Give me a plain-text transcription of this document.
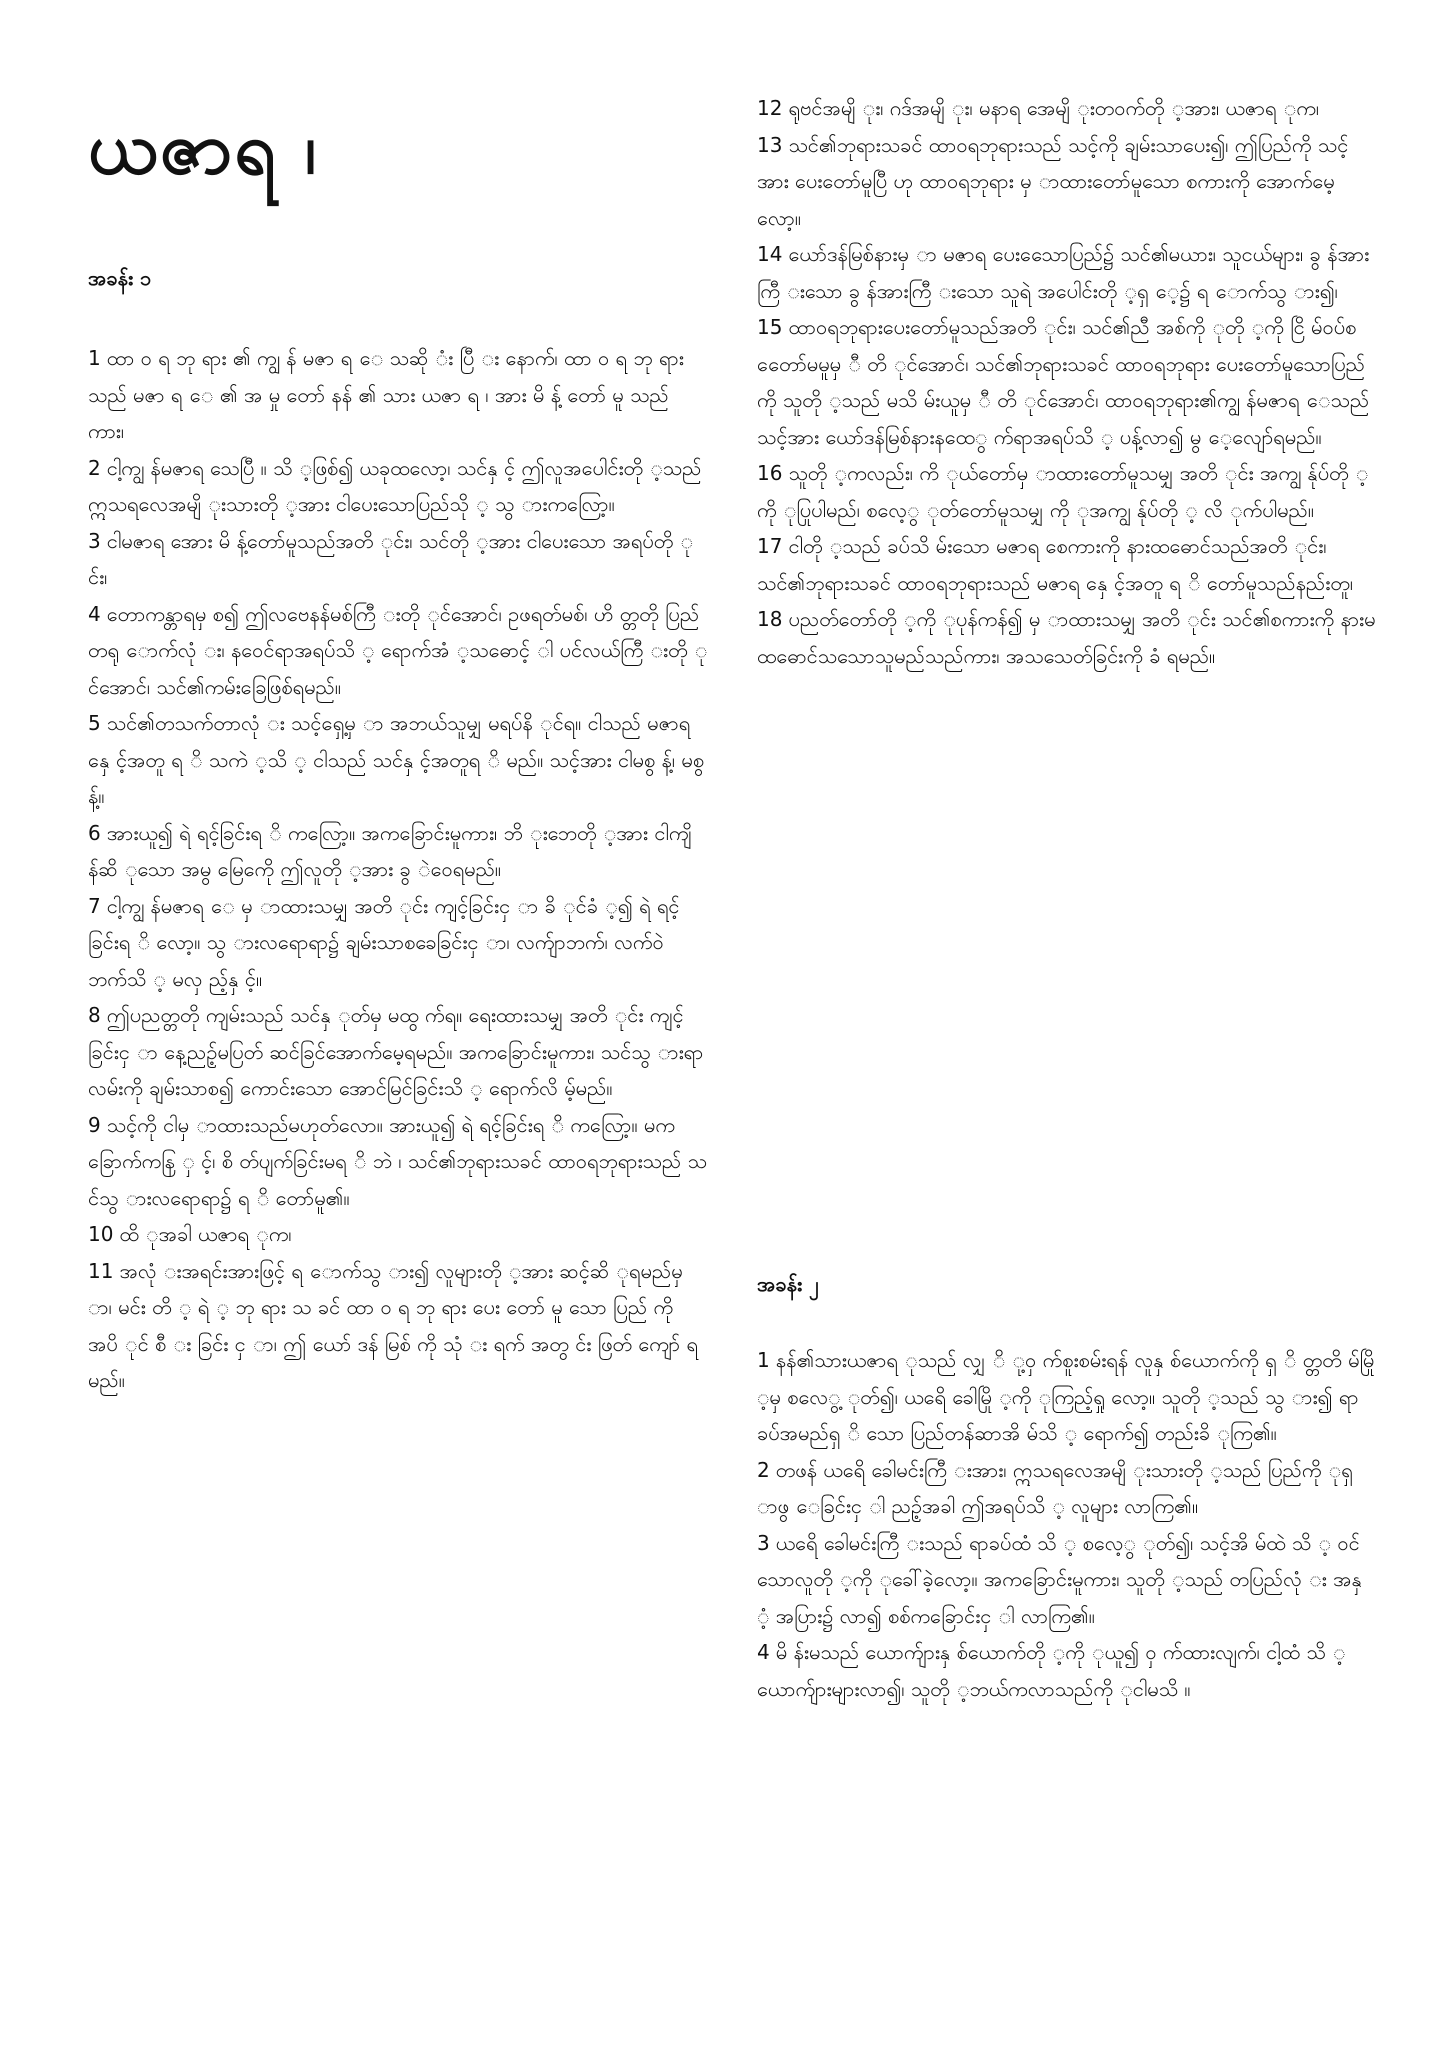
ယဇာရ ၊
အခန်း ၁

1 ထာ ဝ ရ ဘု ရား ၏ ကျွ န် မဇာ ရ ေ သဆို ံး ပြီ း နောက်၊ ထာ ဝ ရ ဘု ရား သည် မဇာ ရ ေ ၏ အ မှု တော် နန် ၏ သား ယဇာ ရ ၊ အား မိ န့် တော် မူ သည် ကား၊

2 ငါ့ကျွ န်မဇာရ သေပြီ ။ သိ ့ဖြစ်၍ ယခုထလော့၊ သင်နှ င့် ဤလူအပေါင်းတို ့သည် ဣသရလေအမျိ ုးသားတို ့အား ငါပေးသောပြည်သို ့ သွ ားကလြော့။

3 ငါမဇာရ အေား မိ န့်တော်မူသည်အတိ ုင်း၊ သင်တို ့အား ငါပေးသော အရပ်တို ုင်း၊

4 တောကန္တာရမှ စ၍ ဤလဗေနန်မစ်ကြီ းတို ုင်အောင်၊ ဥဖရတ်မစ်၊ ဟိ တ္တတို ပြည်တရု ောက်လုံ း၊ နဝေင်ရာအရပ်သိ ့ ရောက်အံ ့သဓောင့် ါ ပင်လယ်ကြီ းတို ုင်အောင်၊ သင်၏ကမ်းခြေဖြစ်ရမည်။

5 သင်၏တသက်တာလုံ း သင့်ရှေ့မှ ာ အဘယ်သူမျှ မရပ်နိ ုင်ရ။ ငါသည် မဇာရ နှေ င့်အတူ ရ ိ သကဲ ့သိ ့ ငါသည် သင်နှ င့်အတူရ ိ မည်။ သင့်အား ငါမစွ န့်၊ မစွ န့်။

6 အားယူ၍ ရဲ ရင့်ခြင်းရ ိ ကလြော့။ အကခြောင်းမူကား၊ ဘိ ုးဘေတို ့အား ငါကျိ န်ဆိ ုသော အမွ မြေကေို ဤလူတို ့အား ခွ ဲဝေရမည်။

7 ငါ့ကျွ န်မဇာရ ေ မှ ာထားသမျှ အတိ ုင်း ကျင့်ခြင်းငှ ာ ခိ ုင်ခံ ့၍ ရဲ ရင့်ခြင်းရ ိ လော့။ သွ ားလရောရာ၌ ချမ်းသာစခေခြင်းငှ ာ၊ လက်ျာဘက်၊ လက်ဝဲ ဘက်သိ ့ မလှ ည့်နှ င့်။

8 ဤပညတ္တတို ကျမ်းသည် သင်နှ ုတ်မှ မထွ က်ရ။ ရေးထားသမျှ အတိ ုင်း ကျင့်ခြင်းငှ ာ နေ့ညဉ့်မပြတ် ဆင်ခြင်အောက်မေ့ရမည်။ အကခြောင်းမူကား၊ သင်သွ ားရာလမ်းကို ချမ်းသာစ၍ ကောင်းသော အောင်မြင်ခြင်းသိ ့ ရောက်လိ မ့်မည်။

9 သင့်ကို ငါမှ ာထားသည်မဟုတ်လော။ အားယူ၍ ရဲ ရင့်ခြင်းရ ိ ကလြော့။ မကခြောက်ကနြ ှ င့်၊ စိ တ်ပျက်ခြင်းမရ ိ ဘဲ ၊ သင်၏ဘုရားသခင် ထာဝရဘုရားသည် သင်သွ ားလရောရာ၌ ရ ိ တော်မူ၏။

10 ထိ ုအခါ ယဇာရ ုက၊

11 အလုံ းအရင်းအားဖြင့် ရ ောက်သွ ား၍ လူများတို ့အား ဆင့်ဆိ ုရမည်မှ ာ၊ မင်း တိ ့ ရဲ ့ ဘု ရား သ ခင် ထာ ဝ ရ ဘု ရား ပေး တော် မူ သော ပြည် ကို အပိ ုင် စီ း ခြင်း ငှ ာ၊ ဤ ယော် ဒန် မြစ် ကို သုံ း ရက် အတွ င်း ဖြတ် ကျော် ရ မည်။

12 ရုဗင်အမျိ ုး၊ ဂဒ်အမျိ ုး၊ မနာရ အေမျိ ုးတဝက်တို ့အား၊ ယဇာရ ုက၊

13 သင်၏ဘုရားသခင် ထာဝရဘုရားသည် သင့်ကို ချမ်းသာပေး၍၊ ဤပြည်ကို သင့်အား ပေးတော်မူပြီ ဟု ထာဝရဘုရား မှ ာထားတော်မူသော စကားကို အောက်မေ့လော့။

14 ယော်ဒန်မြစ်နားမှ ာ မဇာရ ပေးသေောပြည်၌ သင်၏မယား၊ သူငယ်များ၊ ခွ န်အားကြီ းသော ခွ န်အားကြီ းသော သူရဲ အပေါင်းတို ့ရှ ေ့၌ ရ ောက်သွ ား၍၊

15 ထာဝရဘုရားပေးတော်မူသည်အတိ ုင်း၊ သင်၏ညီ အစ်ကို ုတို ့ကို ငြိ မ်ဝပ်စတေော်မမူမှ ီ တိ ုင်အောင်၊ သင်၏ဘုရားသခင် ထာဝရဘုရား ပေးတော်မူသောပြည်ကို သူတို ့သည် မသိ မ်းယူမှ ီ တိ ုင်အောင်၊ ထာဝရဘုရား၏ကျွ န်မဇာရ ေသည် သင့်အား ယော်ဒန်မြစ်နားနထေွ က်ရာအရပ်သိ ့ ပန့်လာ၍ မွ ေ့လျော်ရမည်။

16 သူတို ့ကလည်း၊ ကိ ုယ်တော်မှ ာထားတော်မူသမျှ အတိ ုင်း အကျွ န်ုပ်တို ့ကို ုပြုပါမည်၊ စလေ့ွ ုတ်တော်မူသမျှ ကို ုအကျွ န်ုပ်တို ့ လိ ုက်ပါမည်။

17 ငါတို ့သည် ခပ်သိ မ်းသော မဇာရ စေကားကို နားထဓောင်သည်အတိ ုင်း၊ သင်၏ဘုရားသခင် ထာဝရဘုရားသည် မဇာရ နှေ င့်အတူ ရ ိ တော်မူသည်နည်းတူ၊

18 ပညတ်တော်တို ့ကို ုပုန်ကန်၍ မှ ာထားသမျှ အတိ ုင်း သင်၏စကားကို နားမထဓောင်သသောသူမည်သည်ကား၊ အသသေတ်ခြင်းကို ခံ ရမည်။

အခန်း ၂

1 နန်၏သားယဇာရ ုသည် လျှ ိ ု့ဝှ က်စူးစမ်းရန် လူနှ စ်ယောက်ကို ရှ ိ တ္တတိ မ်မြို ့မှ စလေွ့ ုတ်၍၊ ယရေိ ခေါမြို ့ကို ုကြည့်ရှု လော့။ သူတို ့သည် သွ ား၍ ရာခပ်အမည်ရှ ိ သော ပြည်တန်ဆာအိ မ်သိ ့ ရောက်၍ တည်းခိ ုကြ၏။

2 တဖန် ယရေိ ခေါမင်းကြီ းအား၊ ဣသရလေအမျိ ုးသားတို ့သည် ပြည်ကို ုရှ ာဖွ ေခြင်းငှ ါ ညဉ့်အခါ ဤအရပ်သိ ့ လူများ လာကြ၏။

3 ယရေိ ခေါမင်းကြီ းသည် ရာခပ်ထံ သိ ့ စလေ့ွ ုတ်၍၊ သင့်အိ မ်ထဲ သိ ့ ဝင်သောလူတို ့ကို ုခေါ်ခဲ့လော့။ အကခြောင်းမူကား၊ သူတို ့သည် တပြည်လုံ း အနှ ံ့ အပြား၌ လာ၍ စစ်ကခြောင်းငှ ါ လာကြ၏။

4 မိ န်းမသည် ယောက်ျားနှ စ်ယောက်တို ့ကို ုယူ၍ ဝှ က်ထားလျက်၊ ငါ့ထံ သိ ့ ယောက်ျားများလာ၍၊ သူတို ့ဘယ်ကလာသည်ကို ုငါမသိ ။
